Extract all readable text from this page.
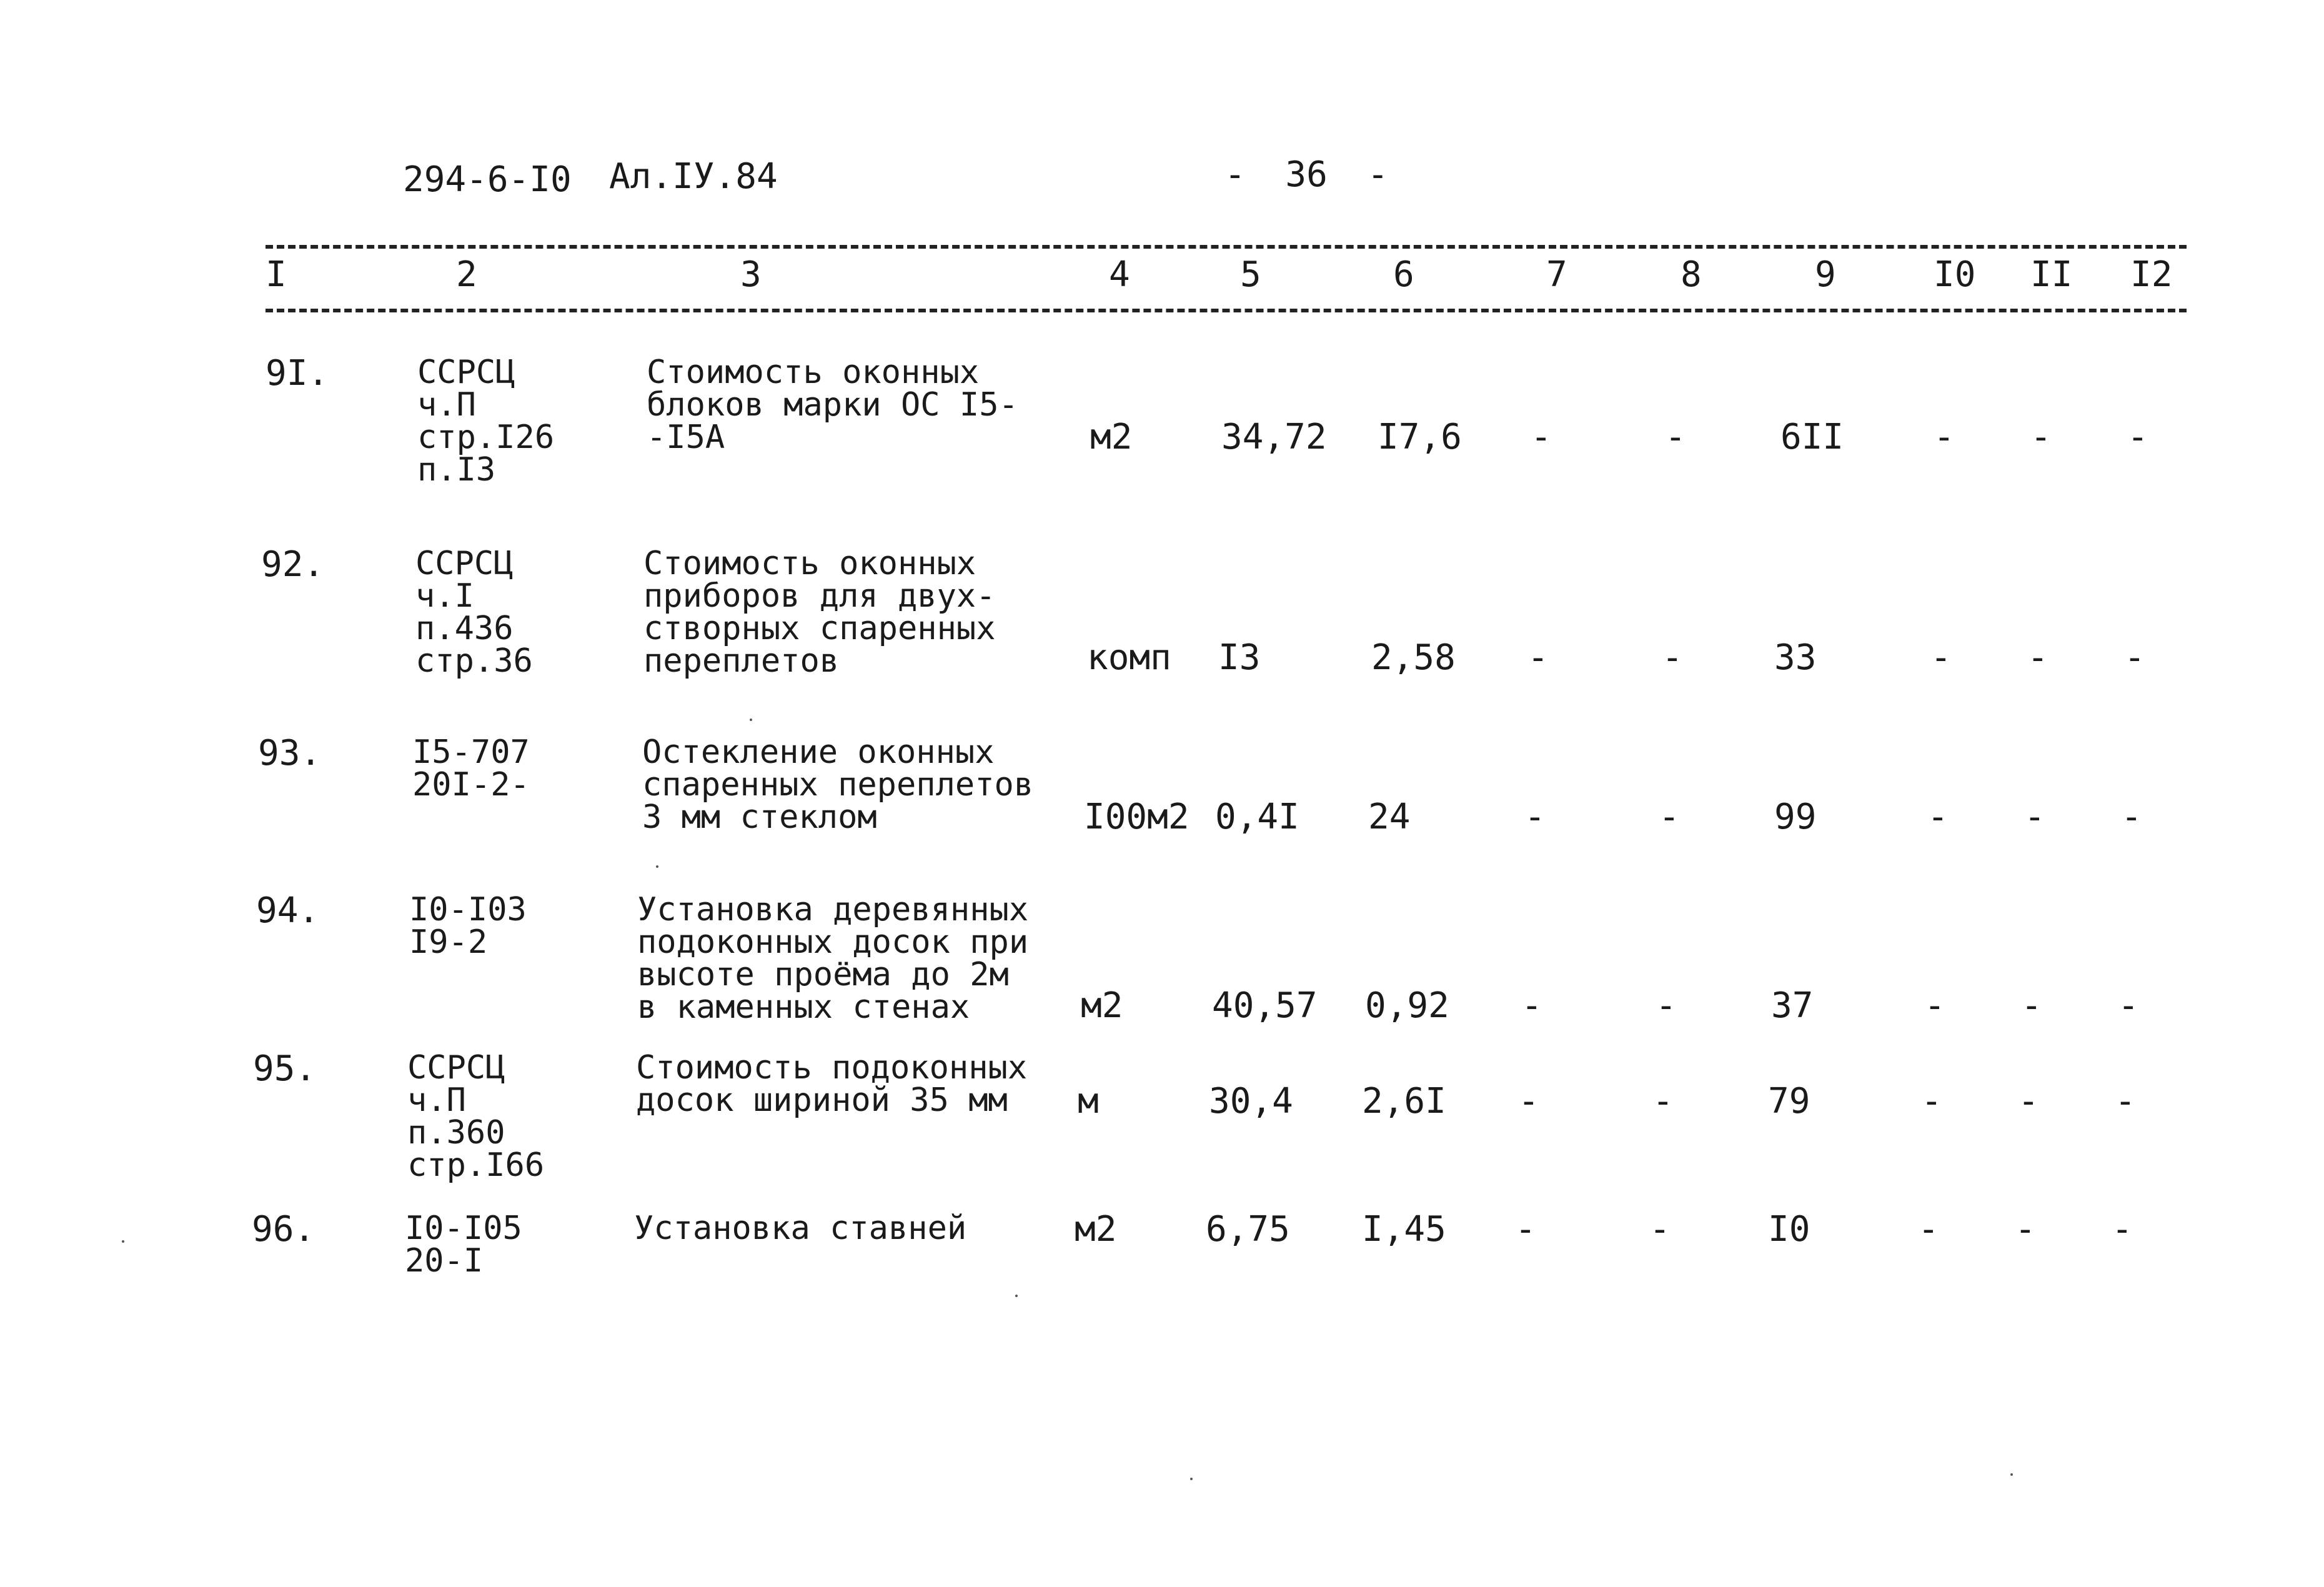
294-6-I0 Ал.IУ.84	- 36 -
I	2	3	4	5	6	7	8	9	I0 II I2
9I.	ССРСЦ
ч.П
стр.I26
п.I3
Стоимость оконных
блоков марки ОС I5-
-I5A	м2	34,72 I7,6 -	-	6II	- - -
92.	ССРСЦ
ч.I
п.436
стр.36
Стоимость оконных
приборов для двух-
створных спаренных
переплетов	комп I3	2,58 -	-	33	- - -
93.	I5-707
20I-2-
Остекление оконных
спаренных переплетов
3 мм стеклом	I00м2 0,4I 24	-	-	99	- - -
94.	I0-I03
I9-2
Установка деревянных
подоконных досок при
высоте проёма до 2м
в каменных стенах	м2	40,57 0,92 -	-	37	- - -
95.	ССРСЦ
ч.П
п.360
стр.I66
Стоимость подоконных
досок шириной 35 мм	м	30,4 2,6I -	-	79	- - -
96.	I0-I05
20-I
Установка ставней	м2	6,75 I,45 -	-	I0	- - -
